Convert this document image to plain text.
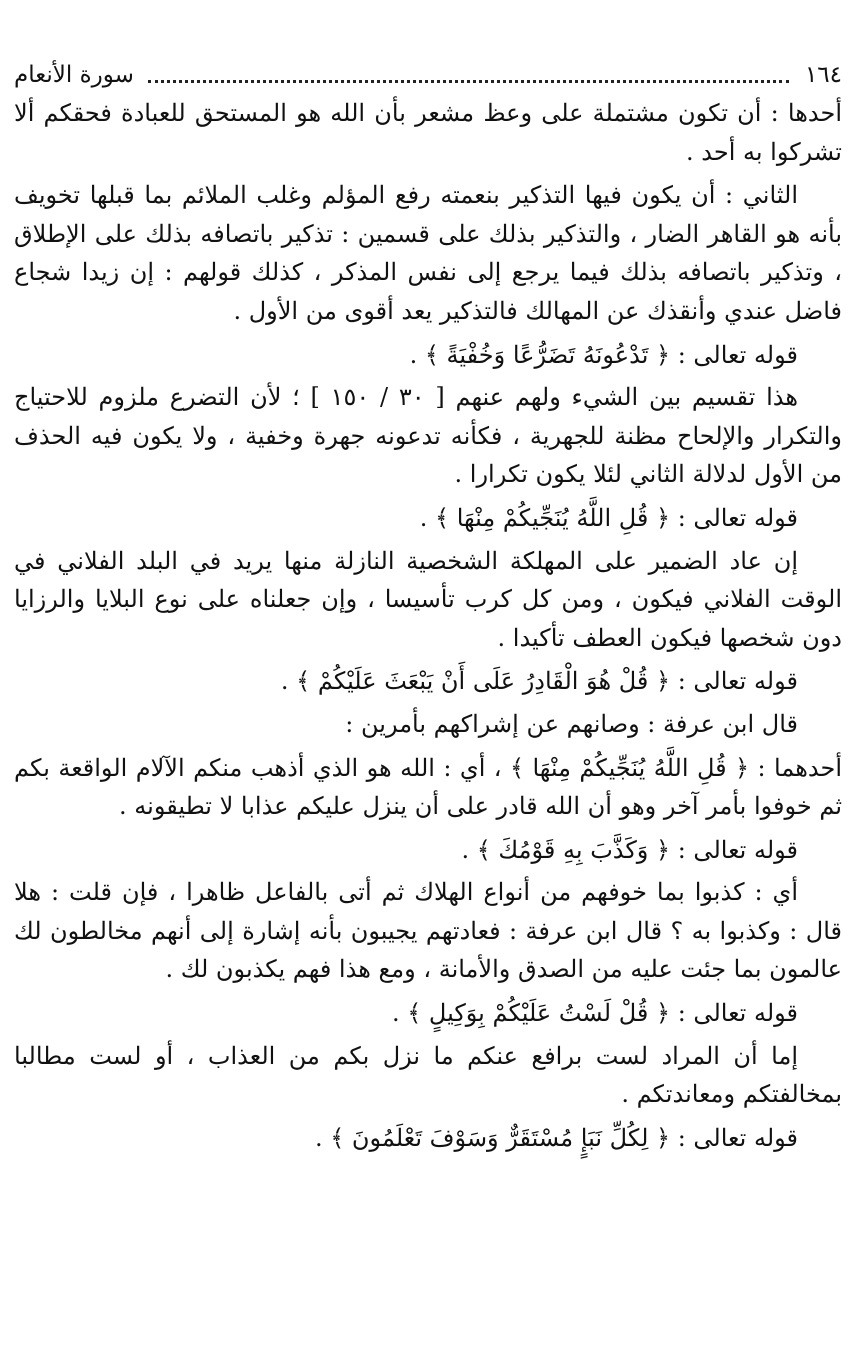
١٦٤
سورة الأنعام

أحدها : أن تكون مشتملة على وعظ مشعر بأن الله هو المستحق للعبادة فحقكم ألا تشركوا به أحد .

الثاني : أن يكون فيها التذكير بنعمته رفع المؤلم وغلب الملائم بما قبلها تخويف بأنه هو القاهر الضار ، والتذكير بذلك على قسمين : تذكير باتصافه بذلك على الإطلاق ، وتذكير باتصافه بذلك فيما يرجع إلى نفس المذكر ، كذلك قولهم : إن زيدا شجاع فاضل عندي وأنقذك عن المهالك فالتذكير يعد أقوى من الأول .

قوله تعالى : ﴿ تَدْعُونَهُ تَضَرُّعًا وَخُفْيَةً ﴾ .

هذا تقسيم بين الشيء ولهم عنهم [ ٣٠ / ١٥٠ ] ؛ لأن التضرع ملزوم للاحتياج والتكرار والإلحاح مظنة للجهرية ، فكأنه تدعونه جهرة وخفية ، ولا يكون فيه الحذف من الأول لدلالة الثاني لئلا يكون تكرارا .

قوله تعالى : ﴿ قُلِ اللَّهُ يُنَجِّيكُمْ مِنْهَا ﴾ .

إن عاد الضمير على المهلكة الشخصية النازلة منها يريد في البلد الفلاني في الوقت الفلاني فيكون ، ومن كل كرب تأسيسا ، وإن جعلناه على نوع البلايا والرزايا دون شخصها فيكون العطف تأكيدا .

قوله تعالى : ﴿ قُلْ هُوَ الْقَادِرُ عَلَى أَنْ يَبْعَثَ عَلَيْكُمْ ﴾ .

قال ابن عرفة : وصانهم عن إشراكهم بأمرين :

أحدهما : ﴿ قُلِ اللَّهُ يُنَجِّيكُمْ مِنْهَا ﴾ ، أي : الله هو الذي أذهب منكم الآلام الواقعة بكم ثم خوفوا بأمر آخر وهو أن الله قادر على أن ينزل عليكم عذابا لا تطيقونه .

قوله تعالى : ﴿ وَكَذَّبَ بِهِ قَوْمُكَ ﴾ .

أي : كذبوا بما خوفهم من أنواع الهلاك ثم أتى بالفاعل ظاهرا ، فإن قلت : هلا قال : وكذبوا به ؟ قال ابن عرفة : فعادتهم يجيبون بأنه إشارة إلى أنهم مخالطون لك عالمون بما جئت عليه من الصدق والأمانة ، ومع هذا فهم يكذبون لك .

قوله تعالى : ﴿ قُلْ لَسْتُ عَلَيْكُمْ بِوَكِيلٍ ﴾ .

إما أن المراد لست برافع عنكم ما نزل بكم من العذاب ، أو لست مطالبا بمخالفتكم ومعاندتكم .

قوله تعالى : ﴿ لِكُلِّ نَبَإٍ مُسْتَقَرٌّ وَسَوْفَ تَعْلَمُونَ ﴾ .
